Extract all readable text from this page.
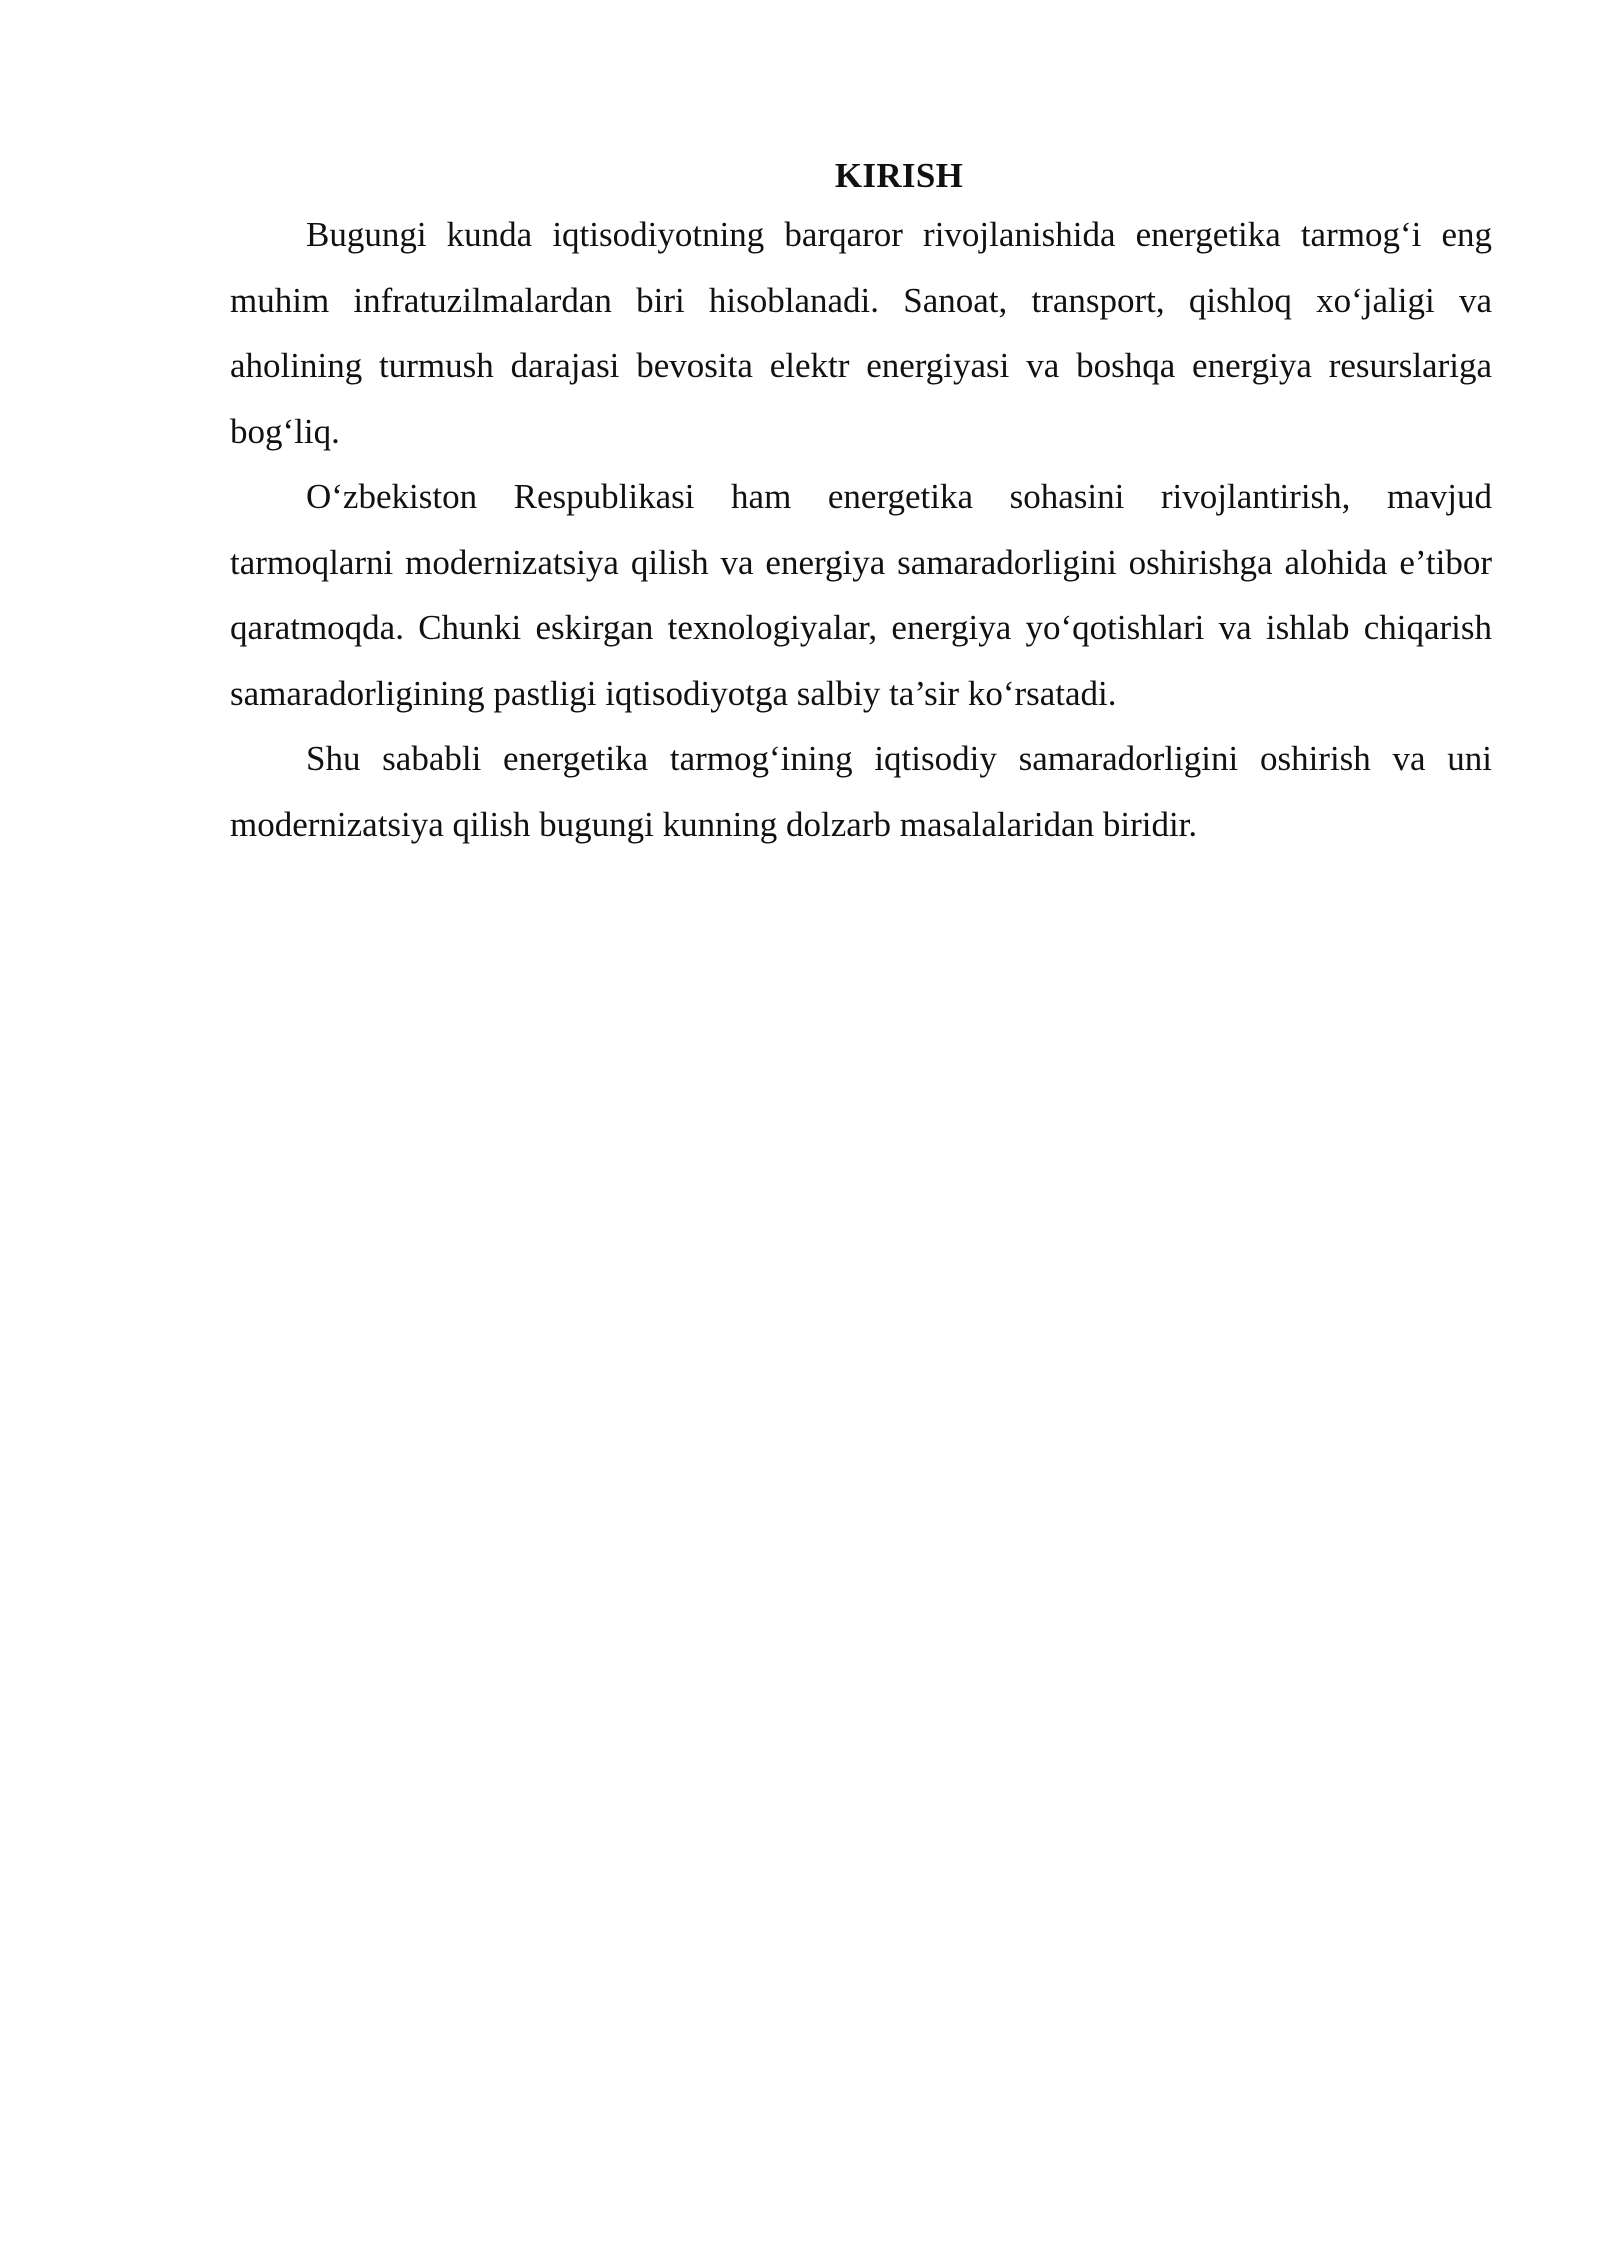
KIRISH

Bugungi kunda iqtisodiyotning barqaror rivojlanishida energetika tarmog‘i eng muhim infratuzilmalardan biri hisoblanadi. Sanoat, transport, qishloq xo‘jaligi va aholining turmush darajasi bevosita elektr energiyasi va boshqa energiya resurslariga bog‘liq.

O‘zbekiston Respublikasi ham energetika sohasini rivojlantirish, mavjud tarmoqlarni modernizatsiya qilish va energiya samaradorligini oshirishga alohida e’tibor qaratmoqda. Chunki eskirgan texnologiyalar, energiya yo‘qotishlari va ishlab chiqarish samaradorligining pastligi iqtisodiyotga salbiy ta’sir ko‘rsatadi.

Shu sababli energetika tarmog‘ining iqtisodiy samaradorligini oshirish va uni modernizatsiya qilish bugungi kunning dolzarb masalalaridan biridir.
